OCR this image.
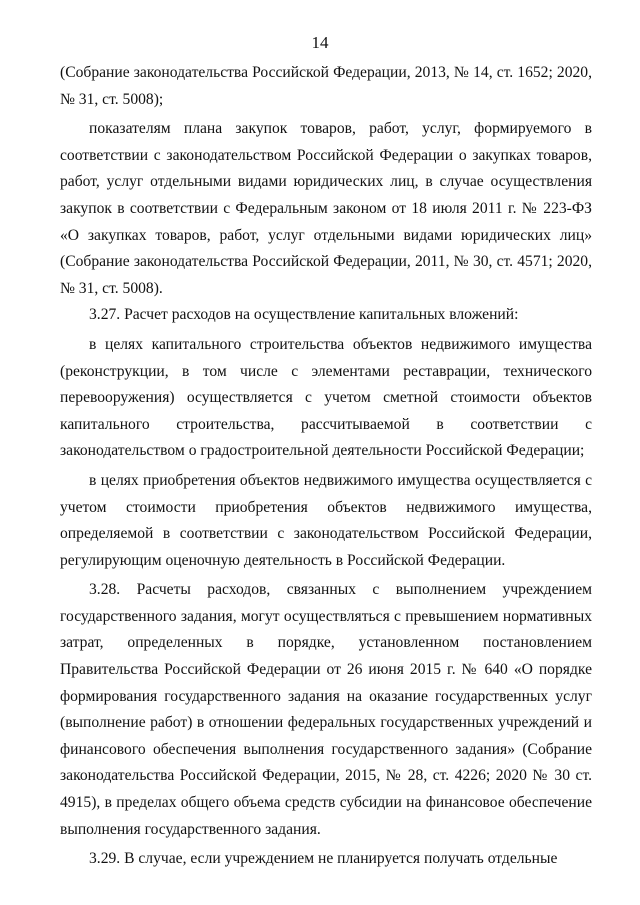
14

(Собрание законодательства Российской Федерации, 2013, № 14, ст. 1652; 2020, № 31, ст. 5008);

показателям плана закупок товаров, работ, услуг, формируемого в соответствии с законодательством Российской Федерации о закупках товаров, работ, услуг отдельными видами юридических лиц, в случае осуществления закупок в соответствии с Федеральным законом от 18 июля 2011 г. № 223-ФЗ «О закупках товаров, работ, услуг отдельными видами юридических лиц» (Собрание законодательства Российской Федерации, 2011, № 30, ст. 4571; 2020, № 31, ст. 5008).

3.27. Расчет расходов на осуществление капитальных вложений:

в целях капитального строительства объектов недвижимого имущества (реконструкции, в том числе с элементами реставрации, технического перевооружения) осуществляется с учетом сметной стоимости объектов капитального строительства, рассчитываемой в соответствии с законодательством о градостроительной деятельности Российской Федерации;

в целях приобретения объектов недвижимого имущества осуществляется с учетом стоимости приобретения объектов недвижимого имущества, определяемой в соответствии с законодательством Российской Федерации, регулирующим оценочную деятельность в Российской Федерации.

3.28. Расчеты расходов, связанных с выполнением учреждением государственного задания, могут осуществляться с превышением нормативных затрат, определенных в порядке, установленном постановлением Правительства Российской Федерации от 26 июня 2015 г. № 640 «О порядке формирования государственного задания на оказание государственных услуг (выполнение работ) в отношении федеральных государственных учреждений и финансового обеспечения выполнения государственного задания» (Собрание законодательства Российской Федерации, 2015, № 28, ст. 4226; 2020 № 30 ст. 4915), в пределах общего объема средств субсидии на финансовое обеспечение выполнения государственного задания.

3.29. В случае, если учреждением не планируется получать отдельные
